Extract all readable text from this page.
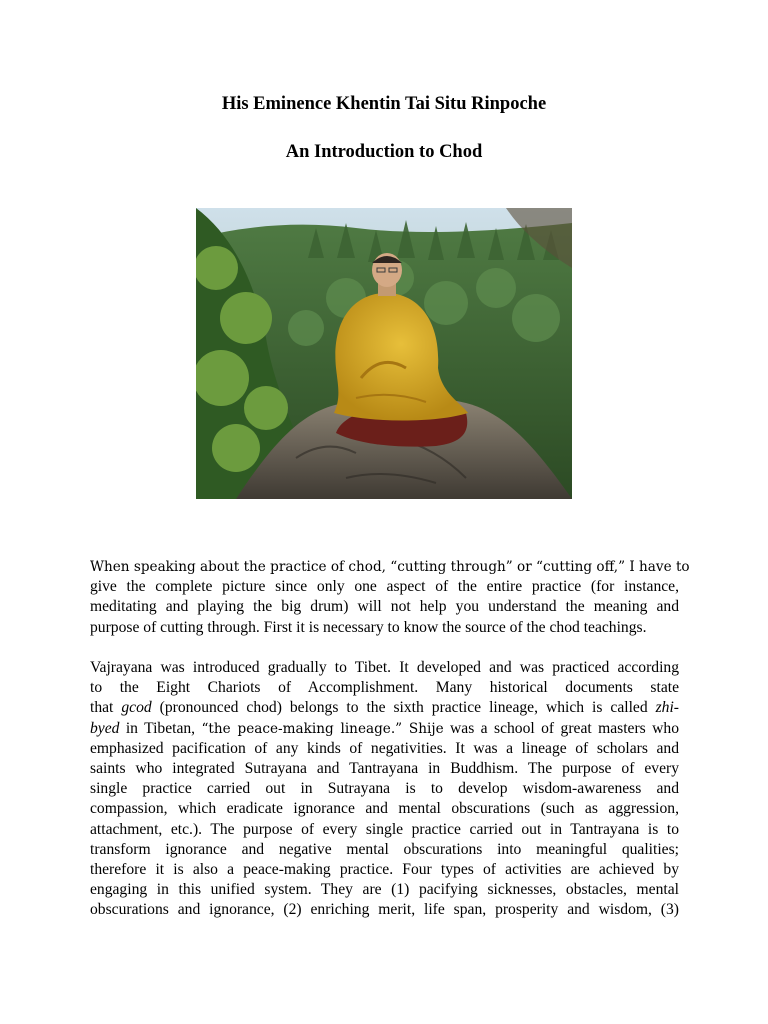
His Eminence Khentin Tai Situ Rinpoche
An Introduction to Chod
When speaking about the practice of chod, “cutting through” or “cutting off,” I have to
give the complete picture since only one aspect of the entire practice (for instance,
meditating and playing the big drum) will not help you understand the meaning and
purpose of cutting through. First it is necessary to know the source of the chod teachings.
Vajrayana was introduced gradually to Tibet. It developed and was practiced according
to the Eight Chariots of Accomplishment. Many historical documents state
that gcod (pronounced chod) belongs to the sixth practice lineage, which is called zhi-
byed in Tibetan, “the peace-making lineage.” Shije was a school of great masters who
emphasized pacification of any kinds of negativities. It was a lineage of scholars and
saints who integrated Sutrayana and Tantrayana in Buddhism. The purpose of every
single practice carried out in Sutrayana is to develop wisdom-awareness and
compassion, which eradicate ignorance and mental obscurations (such as aggression,
attachment, etc.). The purpose of every single practice carried out in Tantrayana is to
transform ignorance and negative mental obscurations into meaningful qualities;
therefore it is also a peace-making practice. Four types of activities are achieved by
engaging in this unified system. They are (1) pacifying sicknesses, obstacles, mental
obscurations and ignorance, (2) enriching merit, life span, prosperity and wisdom, (3)
